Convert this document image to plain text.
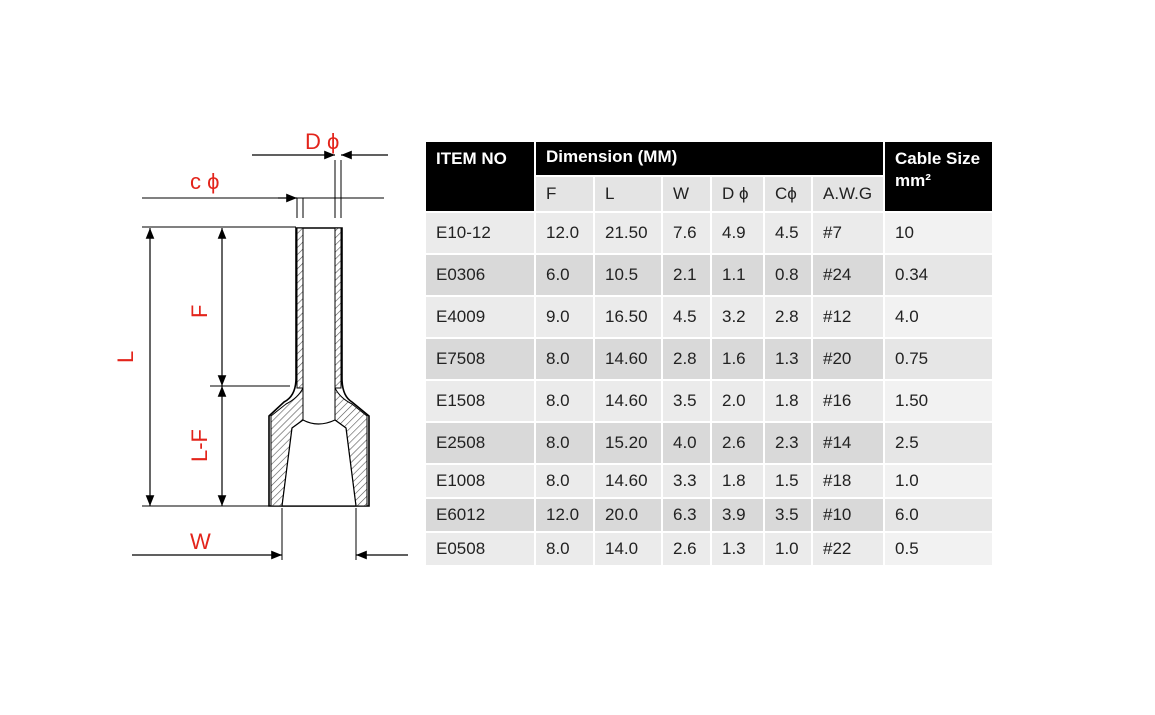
D ϕ
c ϕ
L
F
L-F
W
ITEM NO	Dimension (MM)						Cable Size
mm²

	F	L	W	D ϕ	Cϕ	A.W.G	
E10-12	12.0	21.50	7.6	4.9	4.5	#7	10
E0306	6.0	10.5	2.1	1.1	0.8	#24	0.34
E4009	9.0	16.50	4.5	3.2	2.8	#12	4.0
E7508	8.0	14.60	2.8	1.6	1.3	#20	0.75
E1508	8.0	14.60	3.5	2.0	1.8	#16	1.50
E2508	8.0	15.20	4.0	2.6	2.3	#14	2.5
E1008	8.0	14.60	3.3	1.8	1.5	#18	1.0
E6012	12.0	20.0	6.3	3.9	3.5	#10	6.0
E0508	8.0	14.0	2.6	1.3	1.0	#22	0.5
